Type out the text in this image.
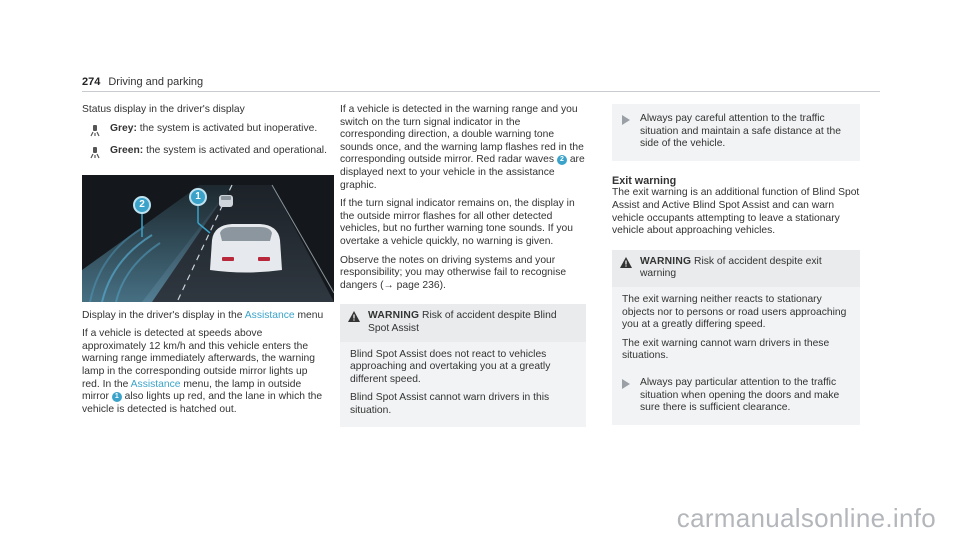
274 Driving and parking

Status display in the driver's display

Grey: the system is activated but inoperative.
Green: the system is activated and operational.
2
1

Display in the driver's display in the Assistance menu

If a vehicle is detected at speeds above approximately 12 km/h and this vehicle enters the warning range immediately afterwards, the warning lamp in the corresponding outside mirror lights up red. In the Assistance menu, the lamp in outside mirror 1 also lights up red, and the lane in which the vehicle is detected is hatched out.

If a vehicle is detected in the warning range and you switch on the turn signal indicator in the corresponding direction, a double warning tone sounds once, and the warning lamp flashes red in the corresponding outside mirror. Red radar waves 2 are displayed next to your vehicle in the assistance graphic.

If the turn signal indicator remains on, the display in the outside mirror flashes for all other detected vehicles, but no further warning tone sounds. If you overtake a vehicle quickly, no warning is given.

Observe the notes on driving systems and your responsibility; you may otherwise fail to recognise dangers (→ page 236).

WARNING Risk of accident despite Blind Spot Assist

Blind Spot Assist does not react to vehicles approaching and overtaking you at a greatly different speed.

Blind Spot Assist cannot warn drivers in this situation.

Always pay careful attention to the traffic situation and maintain a safe distance at the side of the vehicle.

Exit warning

The exit warning is an additional function of Blind Spot Assist and Active Blind Spot Assist and can warn vehicle occupants attempting to leave a stationary vehicle about approaching vehicles.

WARNING Risk of accident despite exit warning

The exit warning neither reacts to stationary objects nor to persons or road users approaching you at a greatly differing speed.

The exit warning cannot warn drivers in these situations.

Always pay particular attention to the traffic situation when opening the doors and make sure there is sufficient clearance.

carmanualsonline.info
